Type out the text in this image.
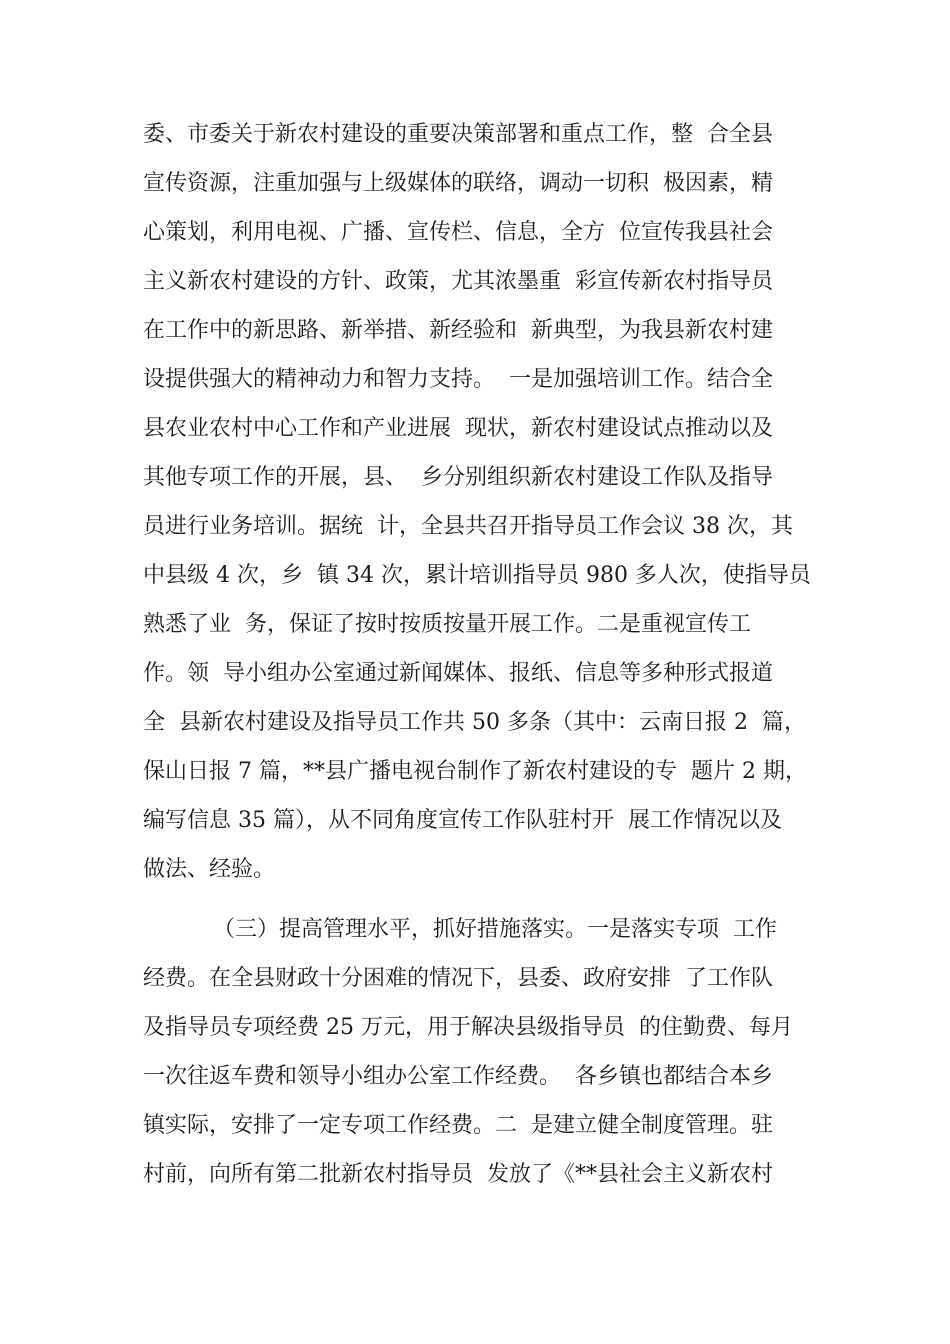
委、市委关于新农村建设的重要决策部署和重点工作，整  合全县
宣传资源，注重加强与上级媒体的联络，调动一切积  极因素，精
心策划，利用电视、广播、宣传栏、信息，全方  位宣传我县社会
主义新农村建设的方针、政策，尤其浓墨重  彩宣传新农村指导员
在工作中的新思路、新举措、新经验和  新典型，为我县新农村建
设提供强大的精神动力和智力支持。  一是加强培训工作。结合全
县农业农村中心工作和产业进展  现状，新农村建设试点推动以及
其他专项工作的开展，县、  乡分别组织新农村建设工作队及指导
员进行业务培训。据统  计，全县共召开指导员工作会议 38 次，其
中县级 4 次，乡  镇 34 次，累计培训指导员 980 多人次，使指导员
熟悉了业  务，保证了按时按质按量开展工作。二是重视宣传工
作。领  导小组办公室通过新闻媒体、报纸、信息等多种形式报道
全  县新农村建设及指导员工作共 50 多条（其中：云南日报 2  篇，
保山日报 7 篇，**县广播电视台制作了新农村建设的专  题片 2 期，
编写信息 35 篇），从不同角度宣传工作队驻村开  展工作情况以及
做法、经验。
（三）提高管理水平，抓好措施落实。一是落实专项  工作
经费。在全县财政十分困难的情况下，县委、政府安排  了工作队
及指导员专项经费 25 万元，用于解决县级指导员  的住勤费、每月
一次往返车费和领导小组办公室工作经费。  各乡镇也都结合本乡
镇实际，安排了一定专项工作经费。二  是建立健全制度管理。驻
村前，向所有第二批新农村指导员  发放了《**县社会主义新农村
